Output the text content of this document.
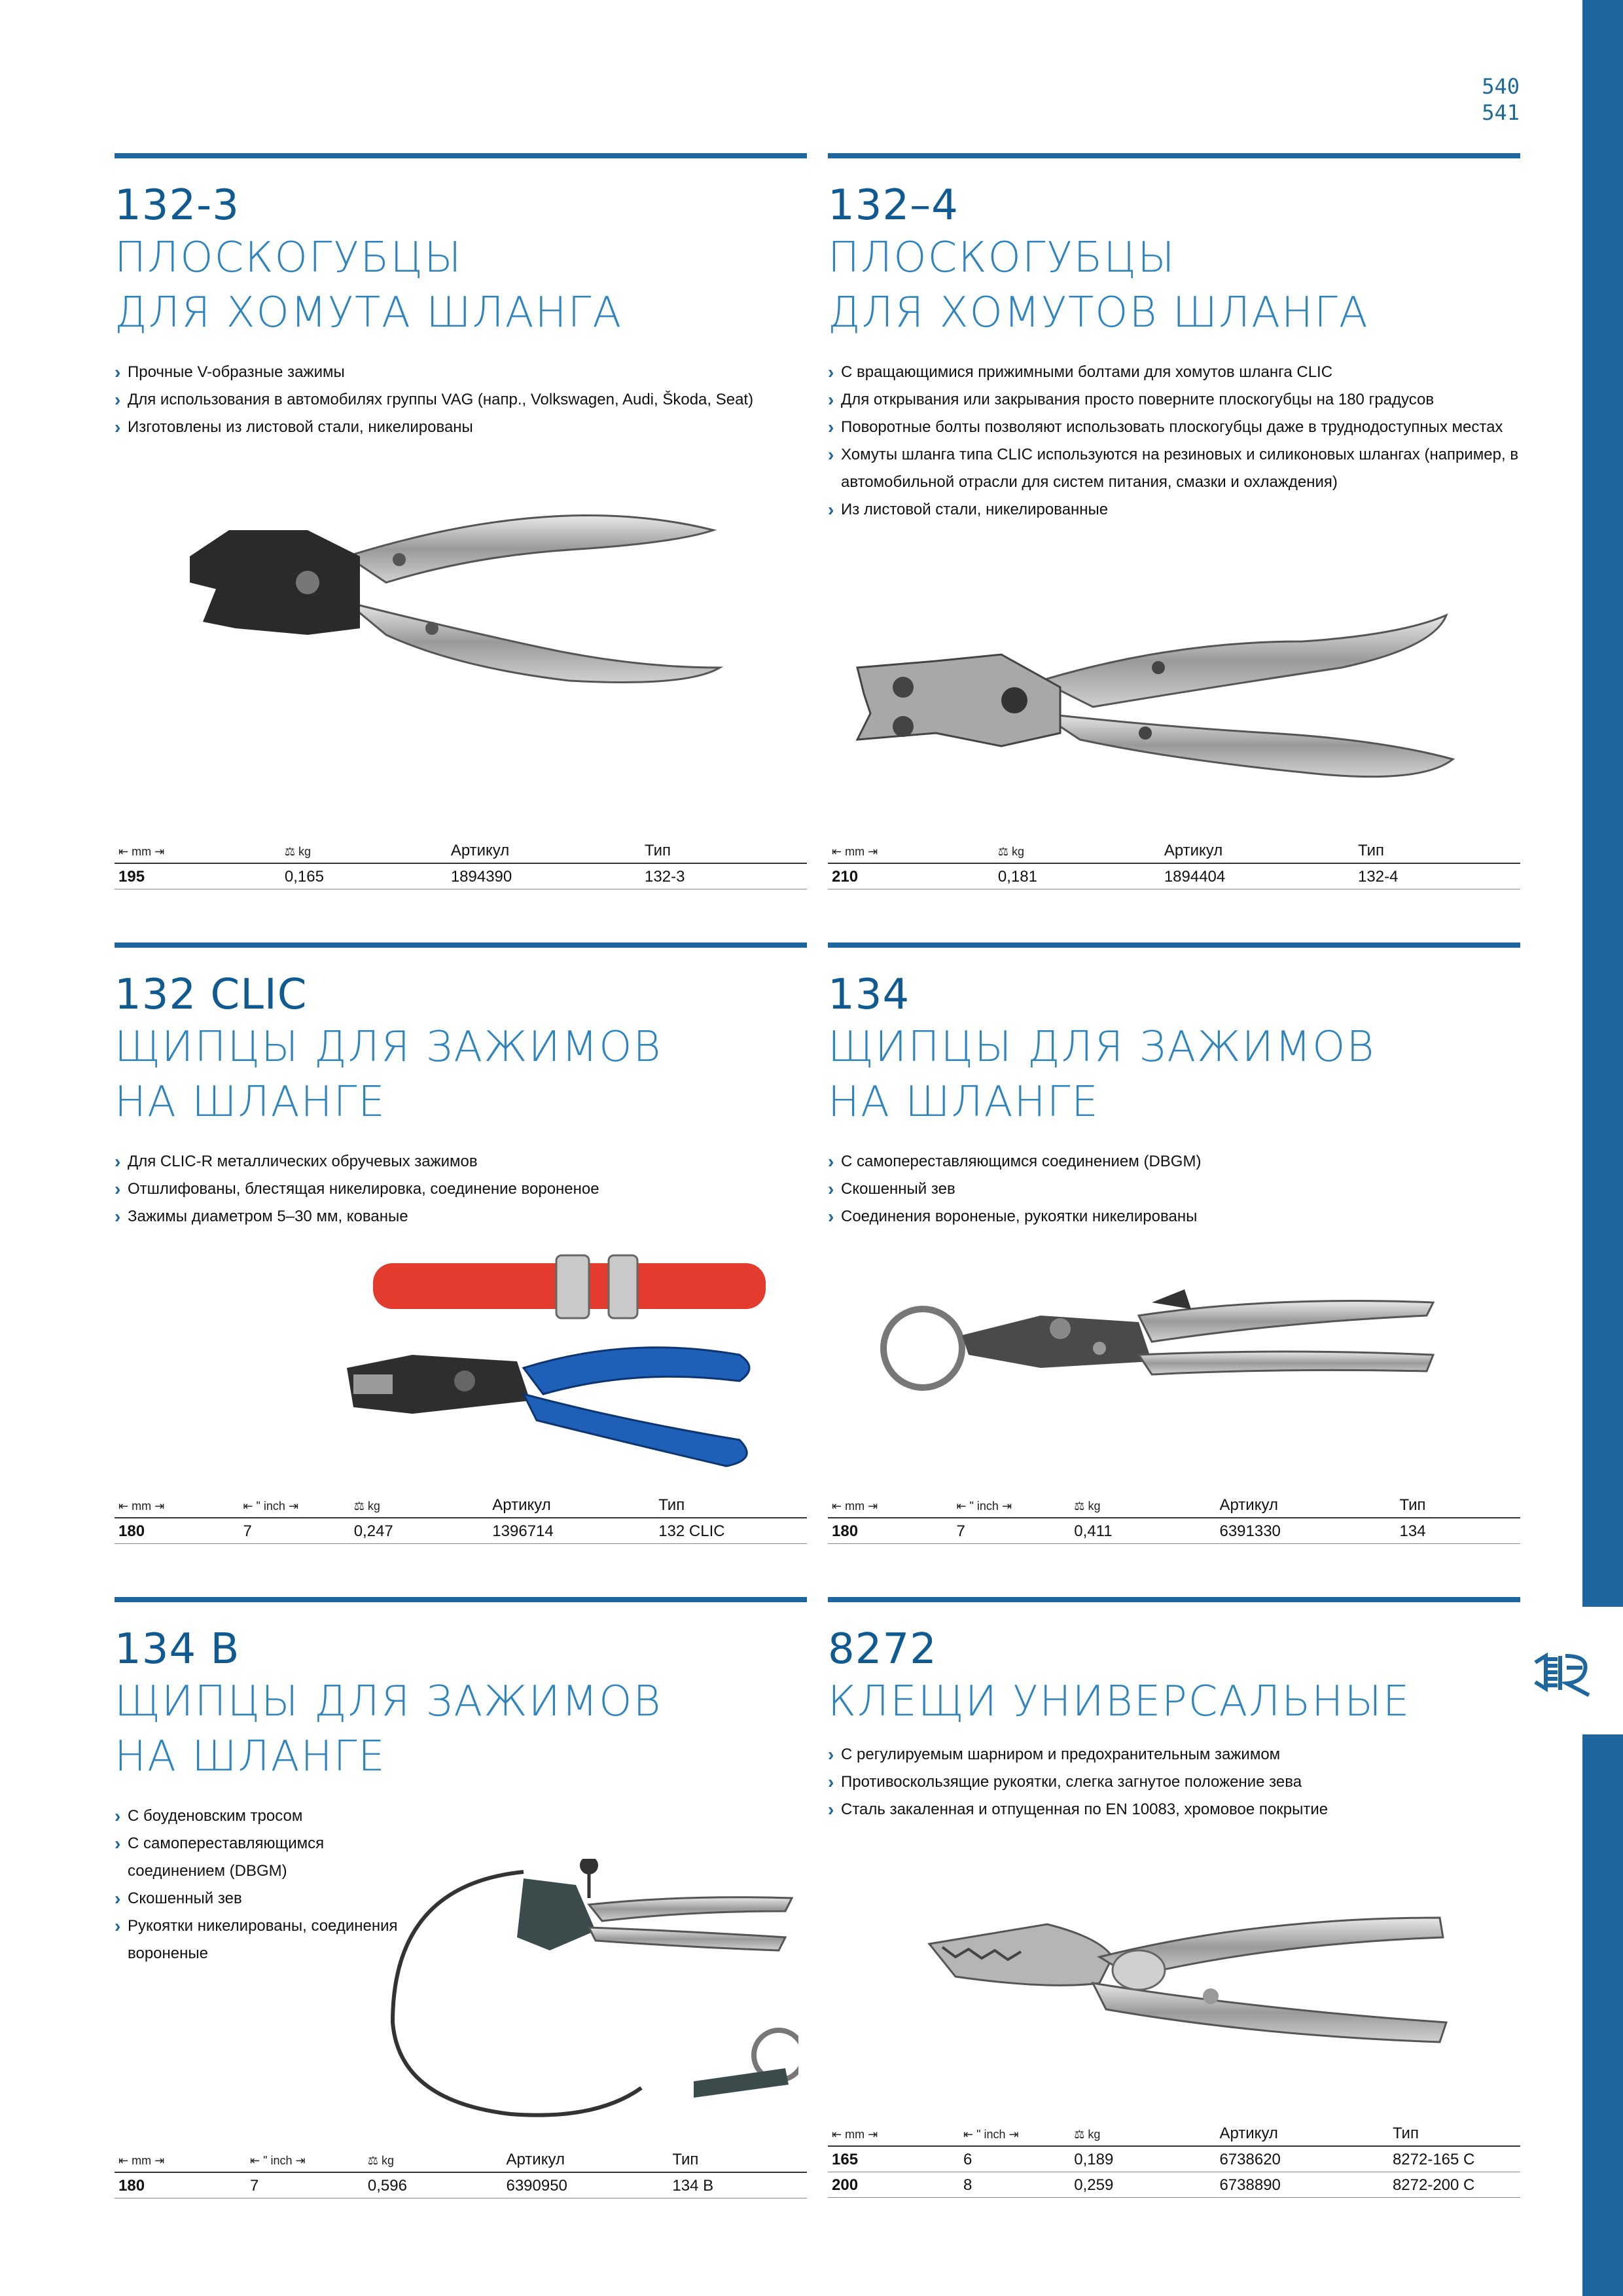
540
541
132-3
ПЛОСКОГУБЦЫ
ДЛЯ ХОМУТА ШЛАНГА
› Прочные V-образные зажимы
› Для использования в автомобилях группы VAG (напр., Volkswagen, Audi, Škoda, Seat)
› Изготовлены из листовой стали, никелированы
⇤ mm ⇥	⚖ kg	Артикул	Тип
195	0,165	1894390	132-3
132–4
ПЛОСКОГУБЦЫ
ДЛЯ ХОМУТОВ ШЛАНГА
› С вращающимися прижимными болтами для хомутов шланга CLIC
› Для открывания или закрывания просто поверните плоскогубцы на 180 градусов
› Поворотные болты позволяют использовать плоскогубцы даже в труднодоступных местах
› Хомуты шланга типа CLIC используются на резиновых и силиконовых шлангах (например, в автомобильной отрасли для систем питания, смазки и охлаждения)
› Из листовой стали, никелированные
⇤ mm ⇥	⚖ kg	Артикул	Тип
210	0,181	1894404	132-4
132 CLIC
ЩИПЦЫ ДЛЯ ЗАЖИМОВ
НА ШЛАНГЕ
› Для CLIC-R металлических обручевых зажимов
› Отшлифованы, блестящая никелировка, соединение вороненое
› Зажимы диаметром 5–30 мм, кованые
⇤ mm ⇥	⇤ " inch ⇥	⚖ kg	Артикул	Тип
180	7	0,247	1396714	132 CLIC
134
ЩИПЦЫ ДЛЯ ЗАЖИМОВ
НА ШЛАНГЕ
› С самопереставляющимся соединением (DBGM)
› Скошенный зев
› Соединения вороненые, рукоятки никелированы
⇤ mm ⇥	⇤ " inch ⇥	⚖ kg	Артикул	Тип
180	7	0,411	6391330	134
134 B
ЩИПЦЫ ДЛЯ ЗАЖИМОВ
НА ШЛАНГЕ
› С боуденовским тросом
› С самопереставляющимся соединением (DBGM)
› Скошенный зев
› Рукоятки никелированы, соединения вороненые
⇤ mm ⇥	⇤ " inch ⇥	⚖ kg	Артикул	Тип
180	7	0,596	6390950	134 B
8272
КЛЕЩИ УНИВЕРСАЛЬНЫЕ
› С регулируемым шарниром и предохранительным зажимом
› Противоскользящие рукоятки, слегка загнутое положение зева
› Сталь закаленная и отпущенная по EN 10083, хромовое покрытие
⇤ mm ⇥	⇤ " inch ⇥	⚖ kg	Артикул	Тип
165	6	0,189	6738620	8272-165 C
200	8	0,259	6738890	8272-200 C
